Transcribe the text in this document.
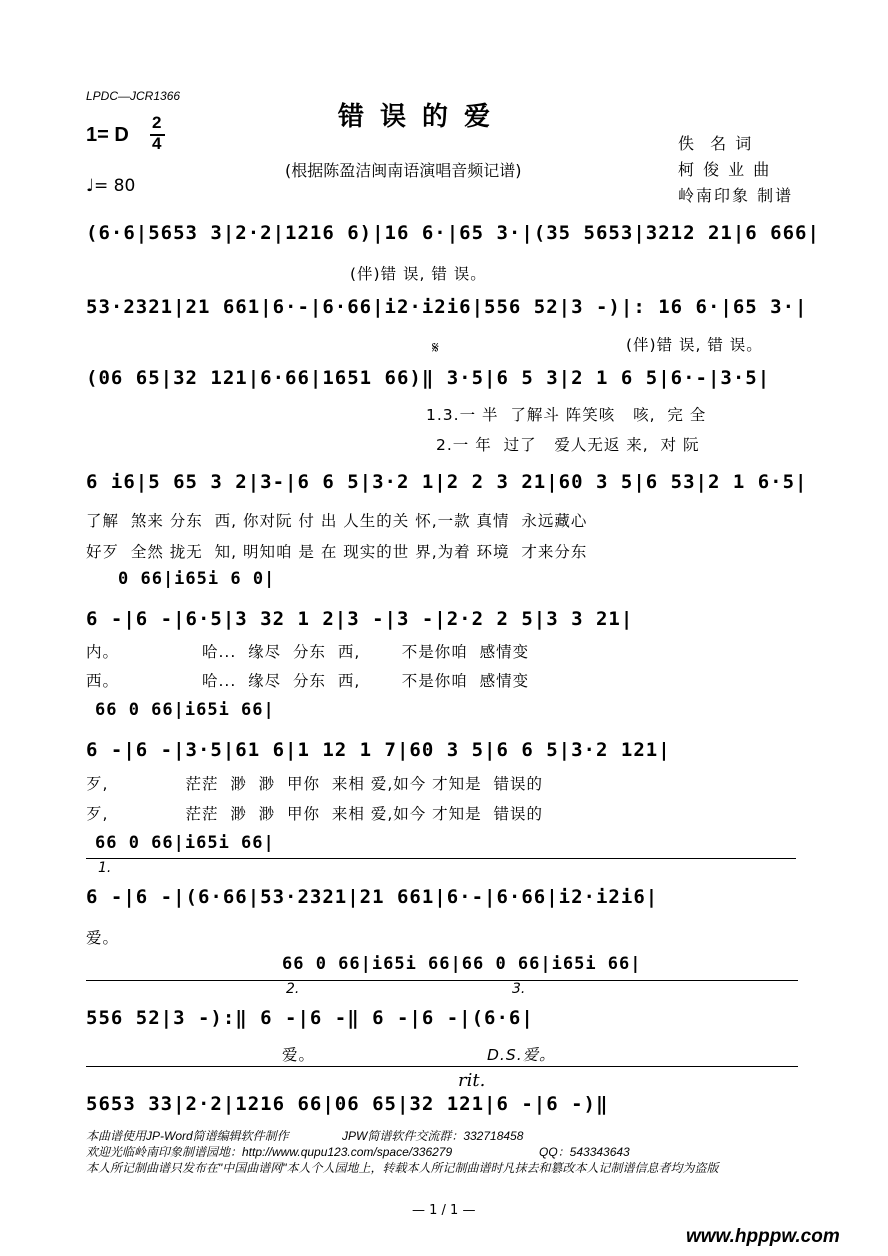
LPDC—JCR1366
错误的爱
1= D
2
4
(根据陈盈洁闽南语演唱音频记谱)
佚  名 词
柯 俊 业 曲
岭南印象 制谱
♩= 80
(6·6|5653 3|2·2|1216 6)|16 6·|65 3·|(35 5653|3212 21|6 666|
(伴)错 误, 错 误。
53·2321|21 661|6·-|6·66|i2·i2i6|556 52|3 -)|: 16 6·|65 3·|
(伴)错 误, 错 误。
𝄋
(06 65|32 121|6·66|1651 66)‖ 3·5|6 5 3|2 1 6 5|6·-|3·5|
1.3.一 半  了解斗 阵笑咳   咳,  完 全
2.一 年  过了   爱人无返 来,  对 阮
6 i6|5 65 3 2|3-|6 6 5|3·2 1|2 2 3 21|60 3 5|6 53|2 1 6·5|
了解  煞来 分东  西, 你对阮 付 出 人生的关 怀,一款 真情  永远藏心
好歹  全然 拢无  知, 明知咱 是 在 现实的世 界,为着 环境  才来分东
0 66|i65i 6 0|
6 -|6 -|6·5|3 32 1 2|3 -|3 -|2·2 2 5|3 3 21|
内。              哈...  缘尽  分东  西,       不是你咱  感情变
西。              哈...  缘尽  分东  西,       不是你咱  感情变
66 0 66|i65i 66|
6 -|6 -|3·5|61 6|1 12 1 7|60 3 5|6 6 5|3·2 121|
歹,             茫茫  渺  渺  甲你  来相 爱,如今 才知是  错误的
歹,             茫茫  渺  渺  甲你  来相 爱,如今 才知是  错误的
66 0 66|i65i 66|
1.
6 -|6 -|(6·66|53·2321|21 661|6·-|6·66|i2·i2i6|
爱。
66 0 66|i65i 66|66 0 66|i65i 66|
2.	3.
556 52|3 -):‖ 6 -|6 -‖ 6 -|6 -|(6·6|
爱。	D.S.爱。
rit.
5653 33|2·2|1216 66|06 65|32 121|6 -|6 -)‖
本曲谱使用JP-Word简谱编辑软件制作	JPW简谱软件交流群：332718458
欢迎光临岭南印象制谱园地：http://www.qupu123.com/space/336279	QQ：543343643
本人所记制曲谱只发布在"中国曲谱网"本人个人园地上，转载本人所记制曲谱时凡抹去和篡改本人记制谱信息者均为盗版
— 1 / 1 —
www.hpppw.com
